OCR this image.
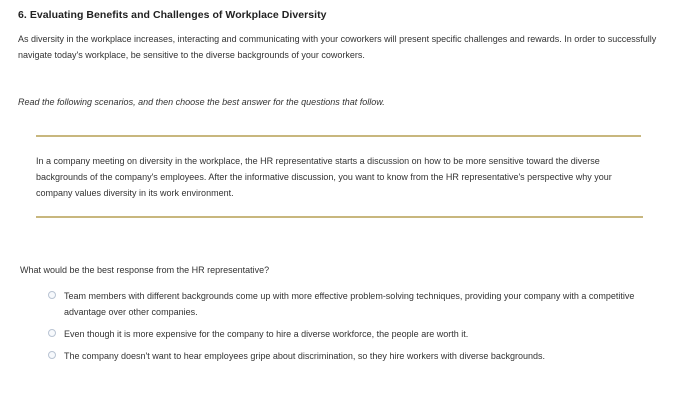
6. Evaluating Benefits and Challenges of Workplace Diversity
As diversity in the workplace increases, interacting and communicating with your coworkers will present specific challenges and rewards. In order to successfully navigate today's workplace, be sensitive to the diverse backgrounds of your coworkers.
Read the following scenarios, and then choose the best answer for the questions that follow.
In a company meeting on diversity in the workplace, the HR representative starts a discussion on how to be more sensitive toward the diverse backgrounds of the company's employees. After the informative discussion, you want to know from the HR representative's perspective why your company values diversity in its work environment.
What would be the best response from the HR representative?
Team members with different backgrounds come up with more effective problem-solving techniques, providing your company with a competitive advantage over other companies.
Even though it is more expensive for the company to hire a diverse workforce, the people are worth it.
The company doesn't want to hear employees gripe about discrimination, so they hire workers with diverse backgrounds.
